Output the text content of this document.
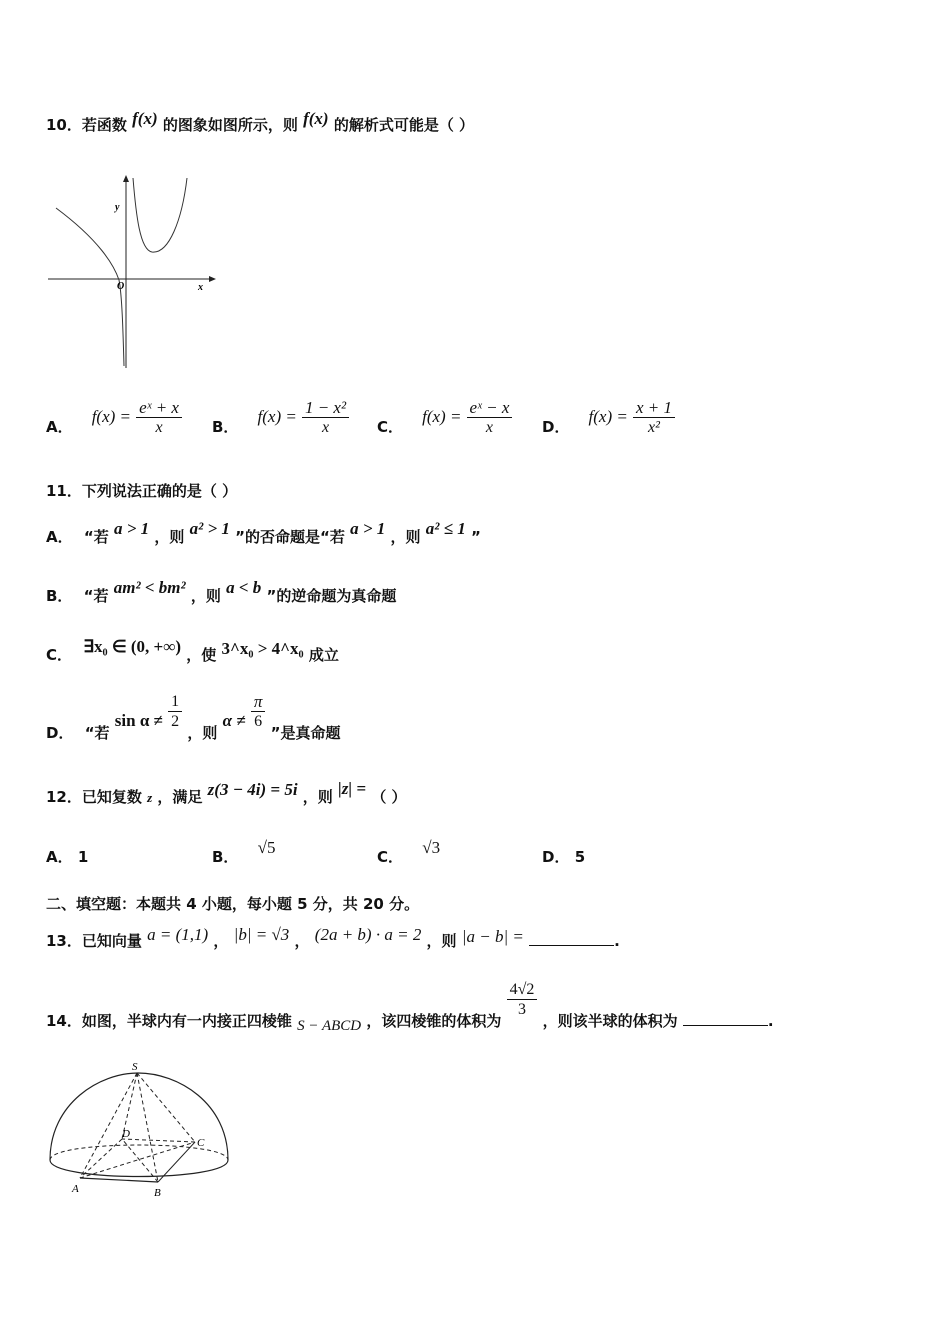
10．若函数 f(x) 的图象如图所示，则 f(x) 的解析式可能是（ ）
y
x
O
A． $f(x) = \frac{\text{eˣ + x}}{x}$ B． $f(x) = \frac{\text{1 − x²}}{x}$ C． $f(x) = \frac{\text{eˣ − x}}{x}$ D． $f(x) = \frac{x + 1}{\text{x²}}$
11．下列说法正确的是（ ）
A． “若 a > 1 ，则 a² > 1 ”的否命题是“若 a > 1 ，则 a² ≤ 1 ”
B． “若 am² < bm² ，则 a < b ”的逆命题为真命题
C． ∃x₀ ∈ (0, +∞) ，使 3^x₀ > 4^x₀ 成立
D． “若 $\sin \alpha \ne \frac{1}{2}$
，则 $\alpha \ne \frac{\pi}{6}$
”是真命题
12．已知复数 z ，满足 z(3 − 4i) = 5i ，则 |z| = （ ）
A． 1	B． √5	C． √3	D． 5
二、填空题：本题共 4 小题，每小题 5 分，共 20 分。
13．已知向量 a = (1,1) ， |b| = √3 ， (2a + b) · a = 2 ，则 |a − b| =	.
14．如图，半球内有一内接正四棱锥 S − ABCD ，该四棱锥的体积为
$\frac{4√2}{3}$
，则该半球的体积为	.
S
A	B
C
D
